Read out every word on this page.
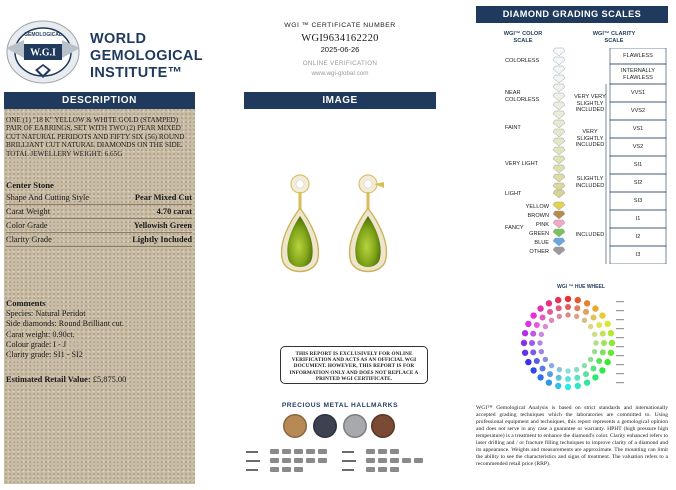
W.G.I
GEMOLOGICAL WORLD
GEMOLOGICAL
INSTITUTE™
DESCRIPTION
ONE (1) "18 K" YELLOW & WHITE GOLD (STAMPED) PAIR OF EARRINGS, SET WITH TWO (2) PEAR MIXED CUT NATURAL PERIDOTS AND FIFTY SIX (56) ROUND BRILLIANT CUT NATURAL DIAMONDS ON THE SIDE. TOTAL JEWELLERY WEIGHT: 6.65G
Center Stone
Shape And Cutting Style	Pear Mixed Cut
Carat Weight	4.70 carat
Color Grade	Yellowish Green
Clarity Grade	Lightly Included
Comments
Species: Natural Peridot
Side diamonds: Round Brilliant cut.
Carat weight: 0.90ct.
Colour grade: I - J
Clarity grade: SI1 - SI2
Estimated Retail Value: £5,875.00
WGI ™ CERTIFICATE NUMBER
WGI9634162220
2025-06-26
ONLINE VERIFICATION
www.wgi-global.com
IMAGE
THIS REPORT IS EXCLUSIVELY FOR ONLINE VERIFICATION AND ACTS AS AN OFFICIAL WGI DOCUMENT. HOWEVER, THIS REPORT IS FOR INFORMATION ONLY AND DOES NOT REPLACE A PRINTED WGI CERTIFICATE.
PRECIOUS METAL HALLMARKS
DIAMOND GRADING SCALES
WGI™ COLOR SCALE
WGI™ CLARITY SCALE
COLORLESS
NEAR COLORLESS
FAINT
VERY LIGHT
LIGHT
FANCY
YELLOW
BROWN
PINK
GREEN
BLUE
OTHER
FLAWLESS
INTERNALLY FLAWLESS
VVS1
VVS2
VS1
VS2
SI1
SI2
SI3
I1
I2
I3
VERY VERY SLIGHTLY INCLUDED
VERY SLIGHTLY INCLUDED
SLIGHTLY INCLUDED
INCLUDED
WGI ™ HUE WHEEL
WGI™ Gemological Analysis is based on strict standards and internationally accepted grading techniques which the laboratories are committed to. Using professional equipment and techniques, this report represents a gemological opinion and does not serve in any case a guarantee or warranty. HPHT (high pressure high temperature) is a treatment to enhance the diamond's color. Clarity enhanced refers to laser drilling and / or fracture filling techniques to improve clarity of a diamond and its appearance. Weights and measurements are approximate. The mounting can limit the ability to see the characteristics and signs of treatment. The valuation refers to a recommended retail price (RRP).
